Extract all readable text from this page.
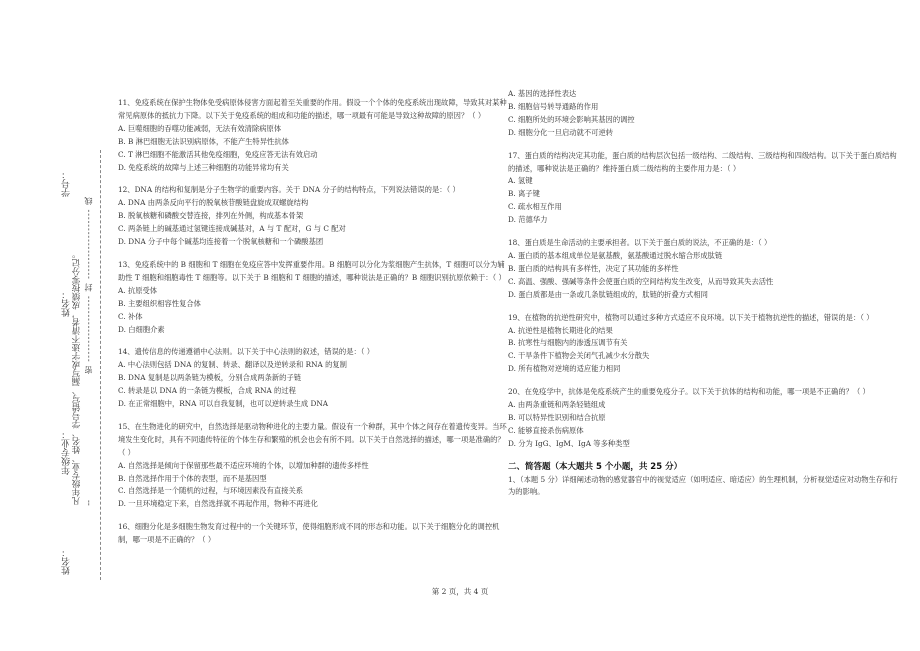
学号：
密 ------------------ 封 ------------------- 线
凡年级专业、姓名、学号错写、漏写或字迹不清者，成绩按零分记。
姓名：
年级专业：
--
姓名：

11、免疫系统在保护生物体免受病原体侵害方面起着至关重要的作用。假设一个个体的免疫系统出现故障，导致其对某种常见病原体的抵抗力下降。以下关于免疫系统的组成和功能的描述，哪一项最有可能是导致这种故障的原因？（ ）

A. 巨噬细胞的吞噬功能减弱，无法有效清除病原体

B. B 淋巴细胞无法识别病原体，不能产生特异性抗体

C. T 淋巴细胞不能激活其他免疫细胞，免疫应答无法有效启动

D. 免疫系统的故障与上述三种细胞的功能异常均有关

12、DNA 的结构和复制是分子生物学的重要内容。关于 DNA 分子的结构特点，下列说法错误的是：（ ）

A. DNA 由两条反向平行的脱氧核苷酸链盘旋成双螺旋结构

B. 脱氧核糖和磷酸交替连接，排列在外侧，构成基本骨架

C. 两条链上的碱基通过氢键连接成碱基对，A 与 T 配对，G 与 C 配对

D. DNA 分子中每个碱基均连接着一个脱氧核糖和一个磷酸基团

13、免疫系统中的 B 细胞和 T 细胞在免疫应答中发挥重要作用。B 细胞可以分化为浆细胞产生抗体，T 细胞可以分为辅助性 T 细胞和细胞毒性 T 细胞等。以下关于 B 细胞和 T 细胞的描述，哪种说法是正确的？B 细胞识别抗原依赖于：（ ）

A. 抗原受体

B. 主要组织相容性复合体

C. 补体

D. 白细胞介素

14、遗传信息的传递遵循中心法则。以下关于中心法则的叙述，错误的是：（ ）

A. 中心法则包括 DNA 的复制、转录、翻译以及逆转录和 RNA 的复制

B. DNA 复制是以两条链为模板，分别合成两条新的子链

C. 转录是以 DNA 的一条链为模板，合成 RNA 的过程

D. 在正常细胞中，RNA 可以自我复制，也可以逆转录生成 DNA

15、在生物进化的研究中，自然选择是驱动物种进化的主要力量。假设有一个种群，其中个体之间存在着遗传变异。当环境发生变化时，具有不同遗传特征的个体生存和繁殖的机会也会有所不同。以下关于自然选择的描述，哪一项是准确的？（ ）

A. 自然选择是倾向于保留那些最不适应环境的个体，以增加种群的遗传多样性

B. 自然选择作用于个体的表型，而不是基因型

C. 自然选择是一个随机的过程，与环境因素没有直接关系

D. 一旦环境稳定下来，自然选择就不再起作用，物种不再进化

16、细胞分化是多细胞生物发育过程中的一个关键环节，使得细胞形成不同的形态和功能。以下关于细胞分化的调控机制，哪一项是不正确的？（ ）

A. 基因的选择性表达

B. 细胞信号转导通路的作用

C. 细胞所处的环境会影响其基因的调控

D. 细胞分化一旦启动就不可逆转

17、蛋白质的结构决定其功能，蛋白质的结构层次包括一级结构、二级结构、三级结构和四级结构。以下关于蛋白质结构的描述，哪种说法是正确的？维持蛋白质二级结构的主要作用力是：（ ）

A. 氢键

B. 离子键

C. 疏水相互作用

D. 范德华力

18、蛋白质是生命活动的主要承担者。以下关于蛋白质的说法，不正确的是：（ ）

A. 蛋白质的基本组成单位是氨基酸，氨基酸通过脱水缩合形成肽链

B. 蛋白质的结构具有多样性，决定了其功能的多样性

C. 高温、强酸、强碱等条件会使蛋白质的空间结构发生改变，从而导致其失去活性

D. 蛋白质都是由一条或几条肽链组成的，肽链的折叠方式相同

19、在植物的抗逆性研究中，植物可以通过多种方式适应不良环境。以下关于植物抗逆性的描述，错误的是：（ ）

A. 抗逆性是植物长期进化的结果

B. 抗寒性与细胞内的渗透压调节有关

C. 干旱条件下植物会关闭气孔减少水分散失

D. 所有植物对逆境的适应能力相同

20、在免疫学中，抗体是免疫系统产生的重要免疫分子。以下关于抗体的结构和功能，哪一项是不正确的？（ ）

A. 由两条重链和两条轻链组成

B. 可以特异性识别和结合抗原

C. 能够直接杀伤病原体

D. 分为 IgG、IgM、IgA 等多种类型

二、简答题（本大题共 5 个小题，共 25 分）

1、（本题 5 分）详细阐述动物的感觉器官中的视觉适应（如明适应、暗适应）的生理机制，分析视觉适应对动物生存和行为的影响。

第 2 页，共 4 页
